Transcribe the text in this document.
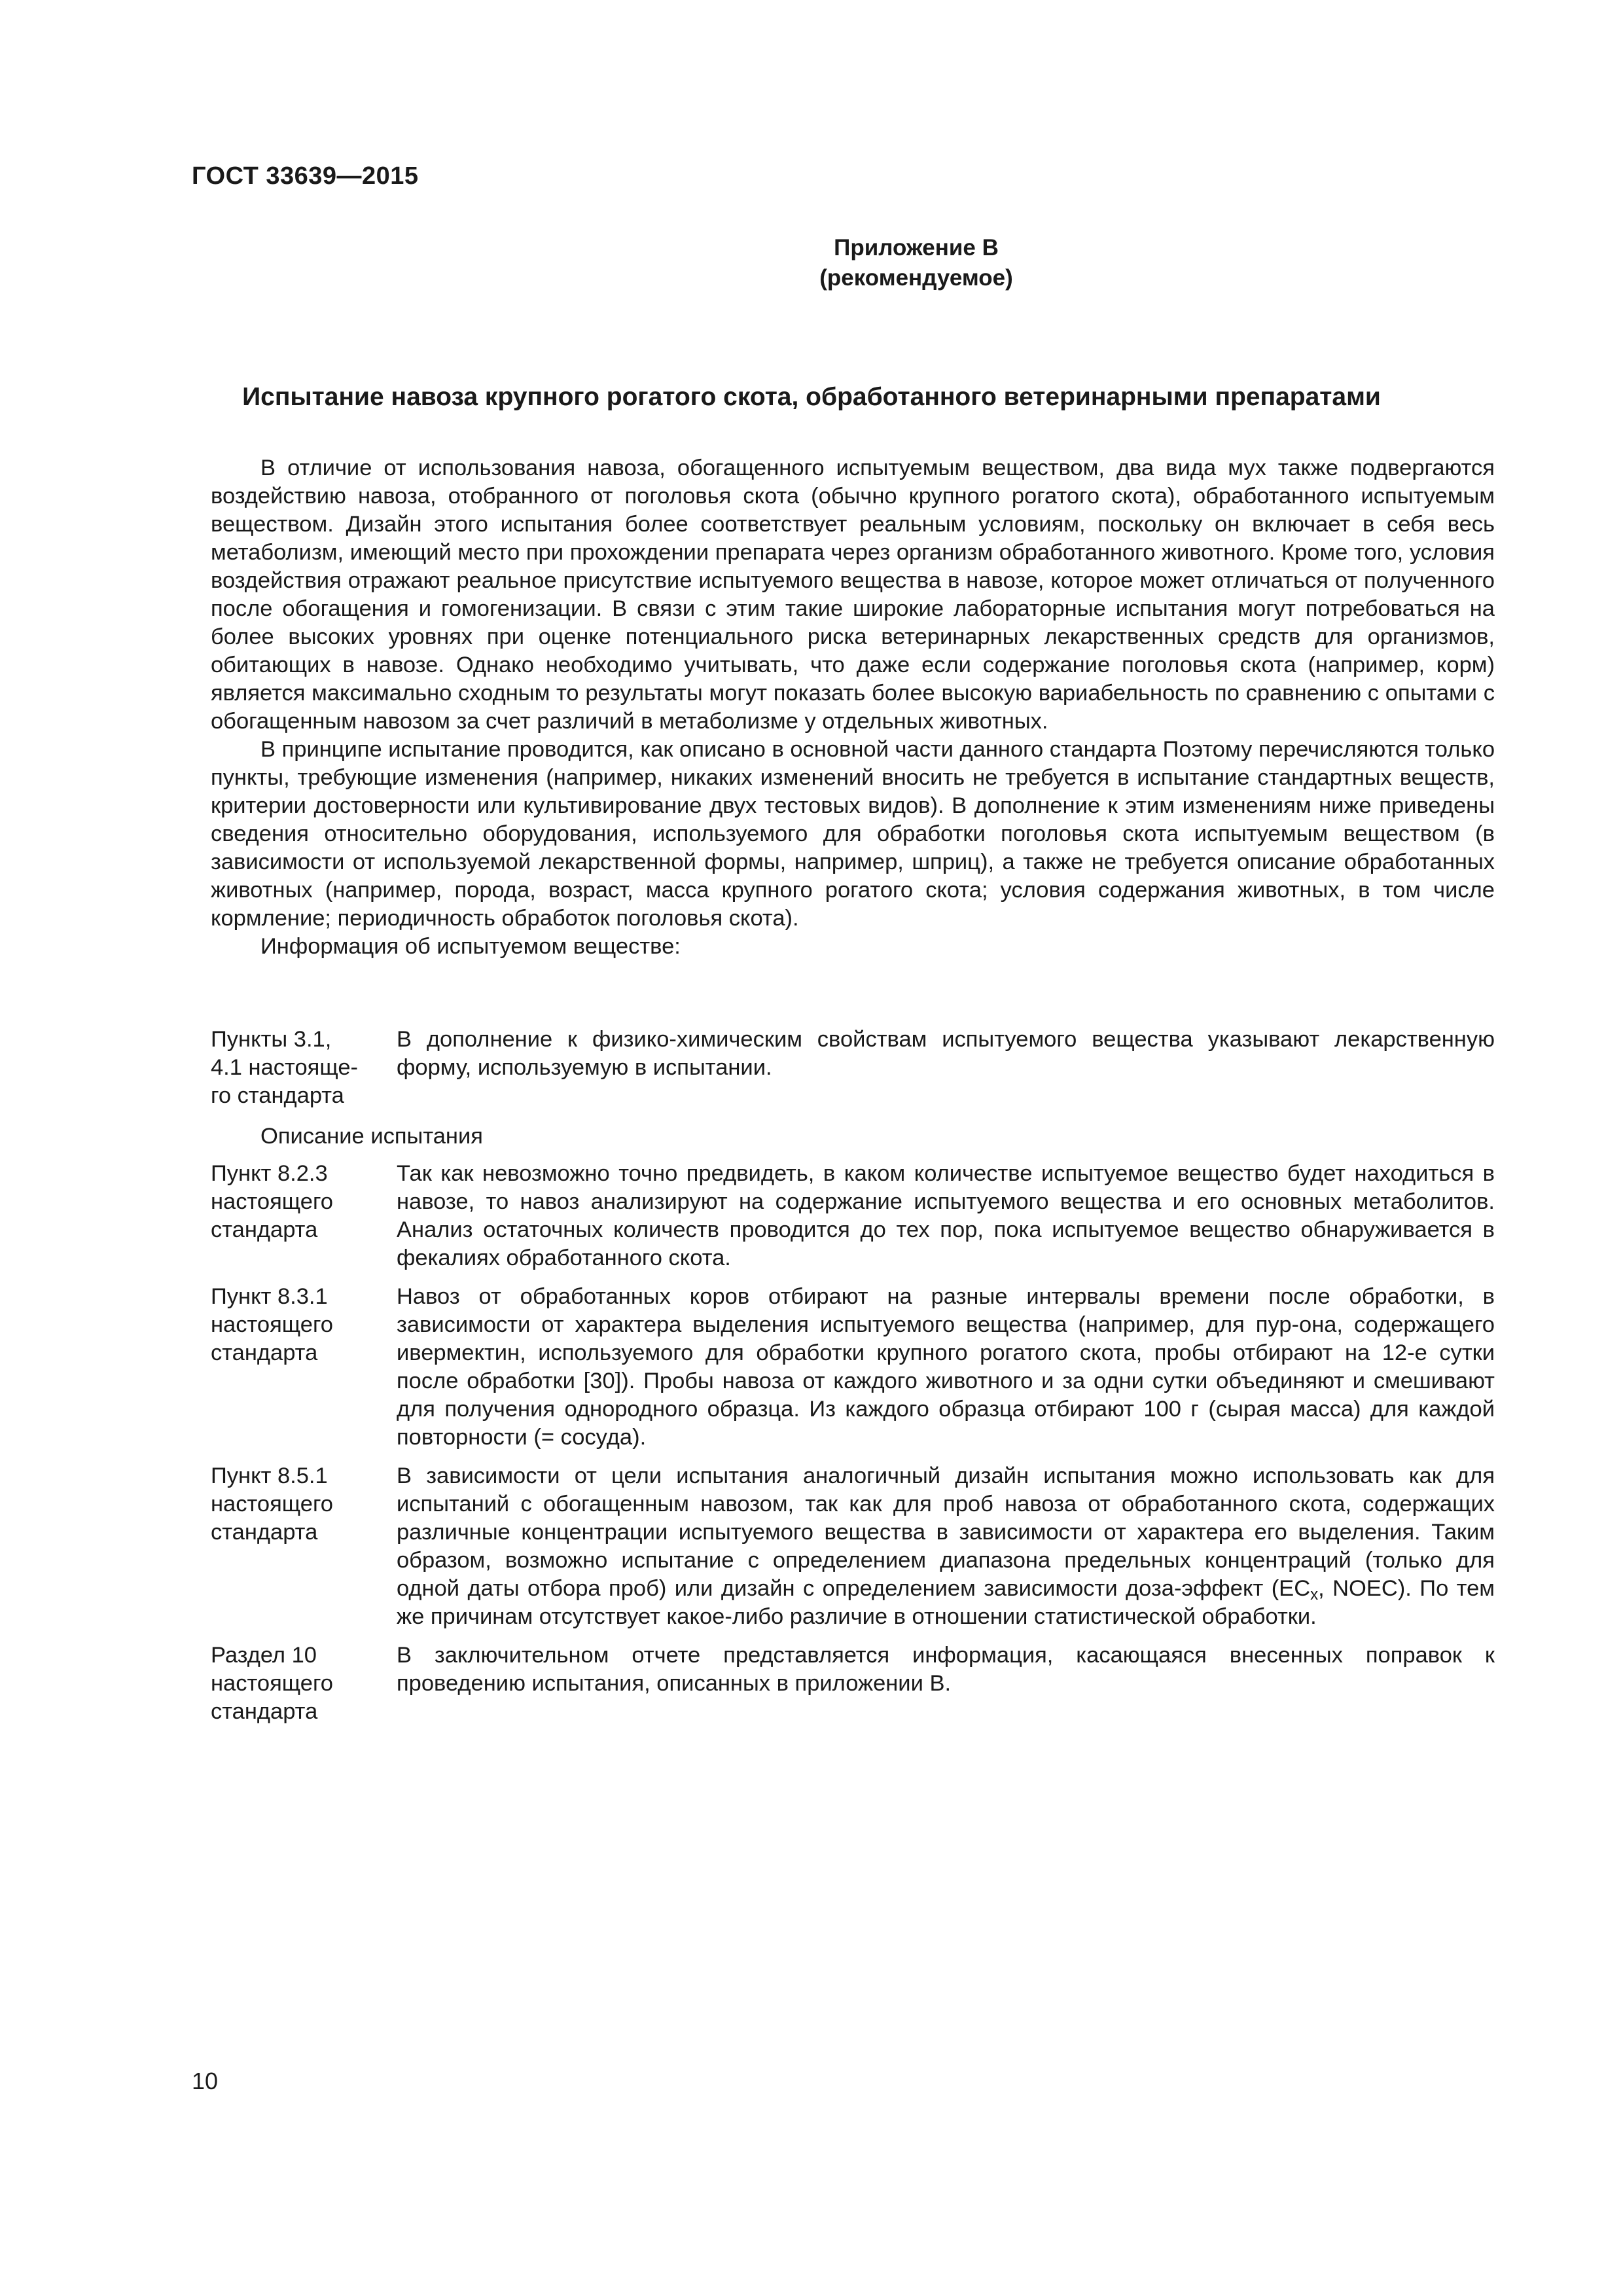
ГОСТ 33639—2015
Приложение В
(рекомендуемое)
Испытание навоза крупного рогатого скота, обработанного ветеринарными препаратами

В отличие от использования навоза, обогащенного испытуемым веществом, два вида мух также подвергаются воздействию навоза, отобранного от поголовья скота (обычно крупного рогатого скота), обработанного испытуемым веществом. Дизайн этого испытания более соответствует реальным условиям, поскольку он включает в себя весь метаболизм, имеющий место при прохождении препарата через организм обработанного животного. Кроме того, условия воздействия отражают реальное присутствие испытуемого вещества в навозе, которое может отличаться от полученного после обогащения и гомогенизации. В связи с этим такие широкие лабораторные испытания могут потребоваться на более высоких уровнях при оценке потенциального риска ветеринарных лекарственных средств для организмов, обитающих в навозе. Однако необходимо учитывать, что даже если содержание поголовья скота (например, корм) является максимально сходным то результаты могут показать более высокую вариабельность по сравнению с опытами с обогащенным навозом за счет различий в метаболизме у отдельных животных.

В принципе испытание проводится, как описано в основной части данного стандарта Поэтому перечисляются только пункты, требующие изменения (например, никаких изменений вносить не требуется в испытание стандартных веществ, критерии достоверности или культивирование двух тестовых видов). В дополнение к этим изменениям ниже приведены сведения относительно оборудования, используемого для обработки поголовья скота испытуемым веществом (в зависимости от используемой лекарственной формы, например, шприц), а также не требуется описание обработанных животных (например, порода, возраст, масса крупного рогатого скота; условия содержания животных, в том числе кормление; периодичность обработок поголовья скота).

Информация об испытуемом веществе:

Пункты 3.1, 4.1 настояще-го стандарта
В дополнение к физико-химическим свойствам испытуемого вещества указывают лекарственную форму, используемую в испытании.
Описание испытания
Пункт 8.2.3 настоящего стандарта
Так как невозможно точно предвидеть, в каком количестве испытуемое вещество будет находиться в навозе, то навоз анализируют на содержание испытуемого вещества и его основных метаболитов. Анализ остаточных количеств проводится до тех пор, пока испытуемое вещество обнаруживается в фекалиях обработанного скота.
Пункт 8.3.1 настоящего стандарта
Навоз от обработанных коров отбирают на разные интервалы времени после обработки, в зависимости от характера выделения испытуемого вещества (например, для пур-она, содержащего ивермектин, используемого для обработки крупного рогатого скота, пробы отбирают на 12-е сутки после обработки [30]). Пробы навоза от каждого животного и за одни сутки объединяют и смешивают для получения однородного образца. Из каждого образца отбирают 100 г (сырая масса) для каждой повторности (= сосуда).
Пункт 8.5.1 настоящего стандарта
В зависимости от цели испытания аналогичный дизайн испытания можно использовать как для испытаний с обогащенным навозом, так как для проб навоза от обработанного скота, содержащих различные концентрации испытуемого вещества в зависимости от характера его выделения. Таким образом, возможно испытание с определением диапазона предельных концентраций (только для одной даты отбора проб) или дизайн с определением зависимости доза-эффект ($EC_x$, NOEC). По тем же причинам отсутствует какое-либо различие в отношении статистической обработки.
Раздел 10 настоящего стандарта
В заключительном отчете представляется информация, касающаяся внесенных поправок к проведению испытания, описанных в приложении В.
10
